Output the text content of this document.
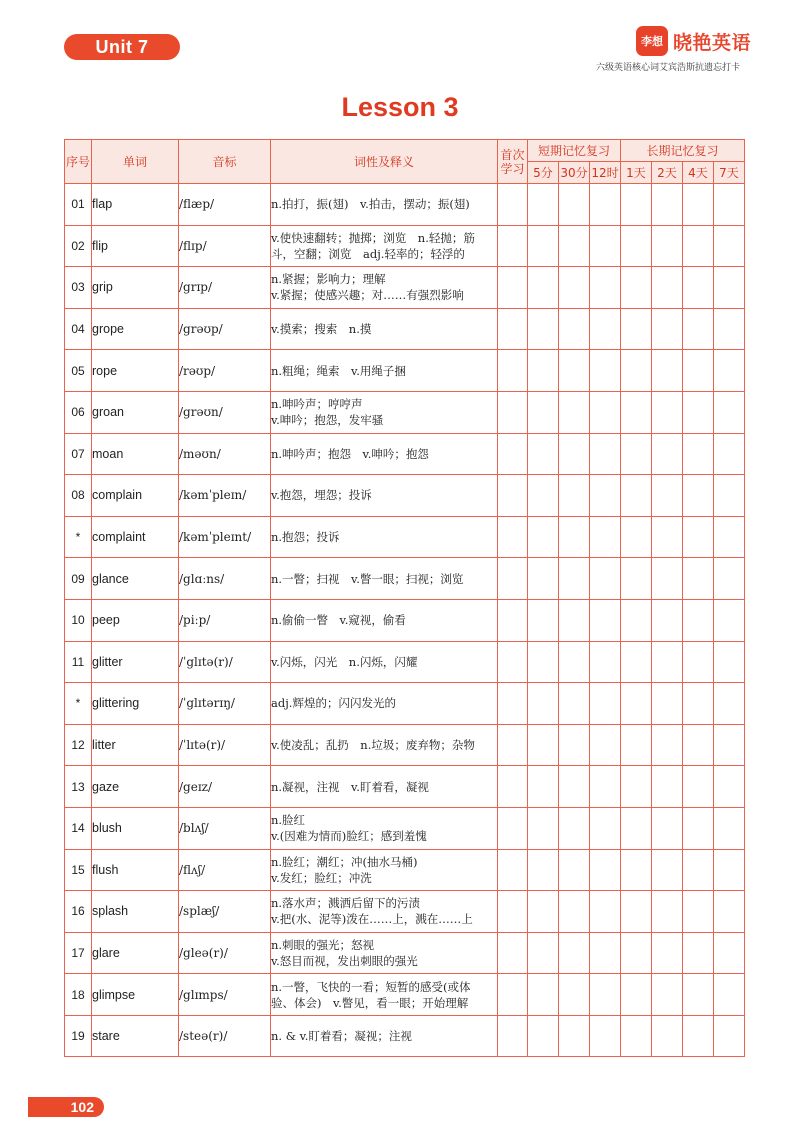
Unit 7	李想 晓艳英语
六级英语核心词艾宾浩斯抗遗忘打卡
Lesson 3
序号	单词	音标	词性及释义	首次学习	短期记忆复习			长期记忆复习			
					5分	30分	12时	1天	2天	4天	7天
01	flap	/flæp/	n.拍打，振(翅)　v.拍击，摆动；振(翅)								

02	flip	/flɪp/	v.使快速翻转；抛掷；浏览　n.轻抛；筋
斗，空翻；浏览　adj.轻率的；轻浮的								

03	grip	/grɪp/	n.紧握；影响力；理解
v.紧握；使感兴趣；对……有强烈影响								

04	grope	/grəʊp/	v.摸索；搜索　n.摸								

05	rope	/rəʊp/	n.粗绳；绳索　v.用绳子捆								

06	groan	/grəʊn/	n.呻吟声；哼哼声
v.呻吟；抱怨，发牢骚								

07	moan	/məʊn/	n.呻吟声；抱怨　v.呻吟；抱怨								

08	complain	/kəmˈpleɪn/	v.抱怨，埋怨；投诉								

*	complaint	/kəmˈpleɪnt/	n.抱怨；投诉								

09	glance	/glɑːns/	n.一瞥；扫视　v.瞥一眼；扫视；浏览								

10	peep	/piːp/	n.偷偷一瞥　v.窥视，偷看								

11	glitter	/ˈglɪtə(r)/	v.闪烁，闪光　n.闪烁，闪耀								

*	glittering	/ˈglɪtərɪŋ/	adj.辉煌的；闪闪发光的								

12	litter	/ˈlɪtə(r)/	v.使凌乱；乱扔　n.垃圾；废弃物；杂物								

13	gaze	/geɪz/	n.凝视，注视　v.盯着看，凝视								

14	blush	/blʌʃ/	n.脸红
v.(因难为情而)脸红；感到羞愧								

15	flush	/flʌʃ/	n.脸红；潮红；冲(抽水马桶)
v.发红；脸红；冲洗								

16	splash	/splæʃ/	n.落水声；溅洒后留下的污渍
v.把(水、泥等)泼在……上，溅在……上								

17	glare	/gleə(r)/	n.刺眼的强光；怒视
v.怒目而视，发出刺眼的强光								

18	glimpse	/glɪmps/	n.一瞥，飞快的一看；短暂的感受(或体
验、体会)　v.瞥见，看一眼；开始理解								

19	stare	/steə(r)/	n. & v.盯着看；凝视；注视								

102
